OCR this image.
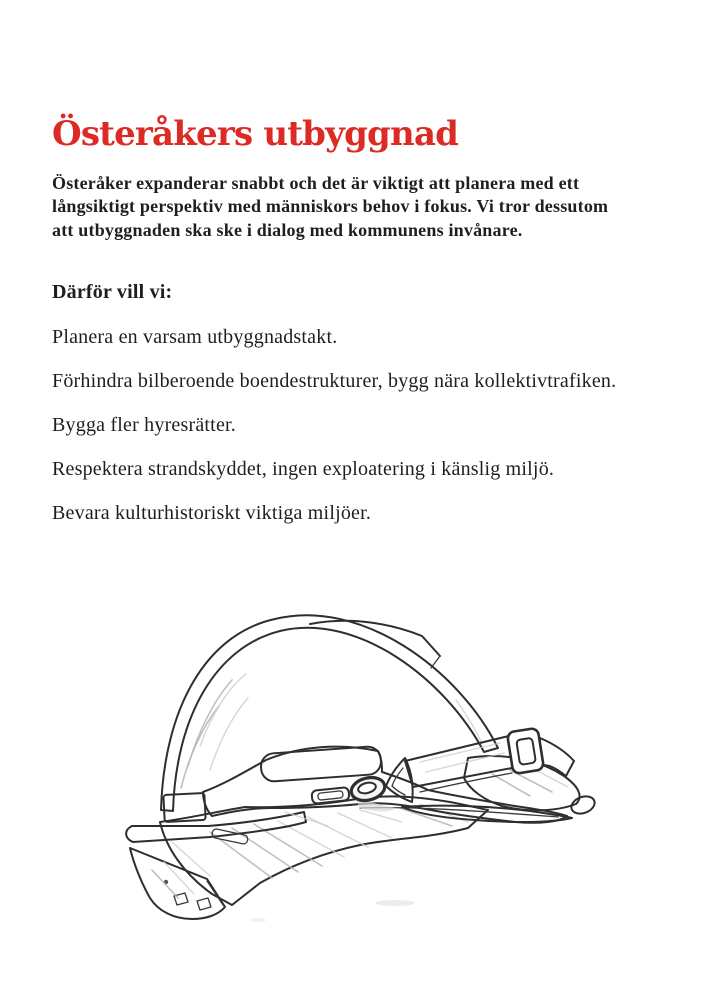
Österåkers utbyggnad
Österåker expanderar snabbt och det är viktigt att planera med ett
långsiktigt perspektiv med människors behov i fokus. Vi tror dessutom
att utbyggnaden ska ske i dialog med kommunens invånare.
Därför vill vi:
Planera en varsam utbyggnadstakt.
Förhindra bilberoende boendestrukturer, bygg nära kollektivtrafiken.
Bygga fler hyresrätter.
Respektera strandskyddet, ingen exploatering i känslig miljö.
Bevara kulturhistoriskt viktiga miljöer.
